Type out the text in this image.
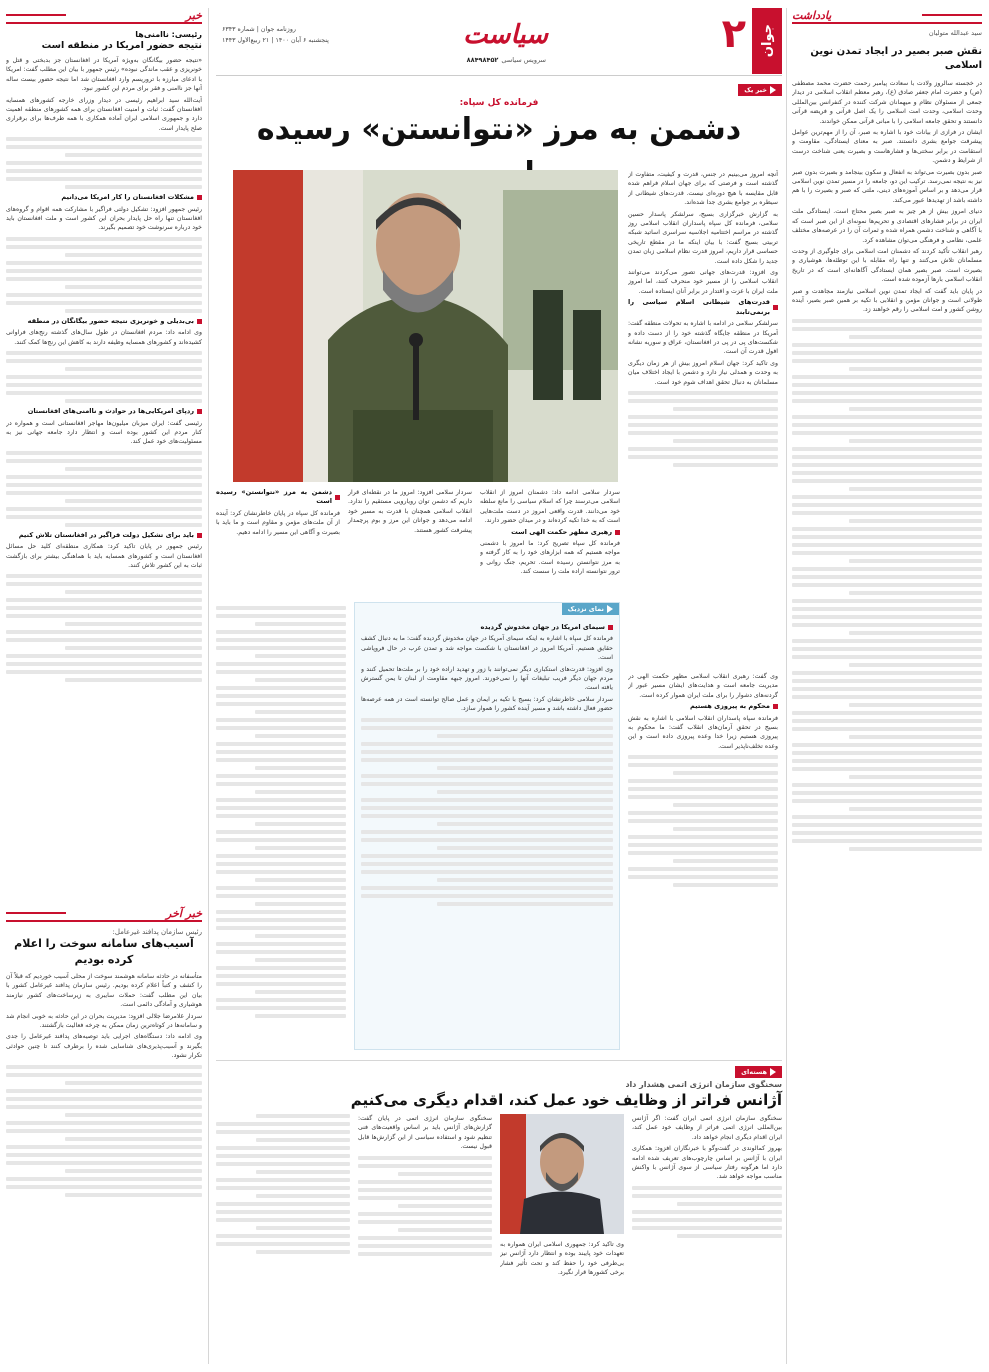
یادداشت
سید عبدالله متولیان
نقش صبر بصیر در ایجاد تمدن نوین اسلامی

در خجسته سالروز ولادت با سعادت پیامبر رحمت حضرت محمد مصطفی (ص) و حضرت امام جعفر صادق (ع)، رهبر معظم انقلاب اسلامی در دیدار جمعی از مسئولان نظام و میهمانان شرکت کننده در کنفرانس بین‌المللی وحدت اسلامی، وحدت امت اسلامی را یک اصل قرآنی و فریضه قرآنی دانستند و تحقق جامعه اسلامی را با مبانی قرآنی ممکن خواندند.

ایشان در فرازی از بیانات خود با اشاره به صبر، آن را از مهم‌ترین عوامل پیشرفت جوامع بشری دانستند. صبر به معنای ایستادگی، مقاومت و استقامت در برابر سختی‌ها و فشارهاست و بصیرت یعنی شناخت درست از شرایط و دشمن.

صبر بدون بصیرت می‌تواند به انفعال و سکون بینجامد و بصیرت بدون صبر نیز به نتیجه نمی‌رسد. ترکیب این دو، جامعه را در مسیر تمدن نوین اسلامی قرار می‌دهد و بر اساس آموزه‌های دینی، ملتی که صبر و بصیرت را با هم داشته باشد از تهدیدها عبور می‌کند.

دنیای امروز بیش از هر چیز به صبر بصیر محتاج است. ایستادگی ملت ایران در برابر فشارهای اقتصادی و تحریم‌ها نمونه‌ای از این صبر است که با آگاهی و شناخت دشمن همراه شده و ثمرات آن را در عرصه‌های مختلف علمی، نظامی و فرهنگی می‌توان مشاهده کرد.

رهبر انقلاب تأکید کردند که دشمنان امت اسلامی برای جلوگیری از وحدت مسلمانان تلاش می‌کنند و تنها راه مقابله با این توطئه‌ها، هوشیاری و بصیرت است. صبر بصیر همان ایستادگی آگاهانه‌ای است که در تاریخ انقلاب اسلامی بارها آزموده شده است.

در پایان باید گفت که ایجاد تمدن نوین اسلامی نیازمند مجاهدت و صبر طولانی است و جوانان مؤمن و انقلابی با تکیه بر همین صبر بصیر، آینده روشن کشور و امت اسلامی را رقم خواهند زد.

جوان
۲
سیاست
سرویس سیاسی
۸۸۴۹۸۴۵۲
روزنامه جوان | شماره ۶۳۴۳
پنجشنبه ۶ آبان ۱۴۰۰ | ۲۱ ربیع‌الاول ۱۴۴۳
خبر یک
فرمانده کل سپاه:
دشمن به مرز «نتوانستن» رسیده

آنچه امروز می‌بینیم در جنس، قدرت و کیفیت، متفاوت از گذشته است و فرصتی که برای جهان اسلام فراهم شده قابل مقایسه با هیچ دوره‌ای نیست. قدرت‌های شیطانی از سیطره بر جوامع بشری جدا شده‌اند.

به گزارش خبرگزاری بسیج، سرلشکر پاسدار حسین سلامی، فرمانده کل سپاه پاسداران انقلاب اسلامی روز گذشته در مراسم اختتامیه اجلاسیه سراسری اساتید شبکه تربیتی بسیج گفت: با بیان اینکه ما در مقطع تاریخی حساسی قرار داریم، امروز قدرت نظام اسلامی زبان تمدن جدید را شکل داده است.

وی افزود: قدرت‌های جهانی تصور می‌کردند می‌توانند انقلاب اسلامی را از مسیر خود منحرف کنند، اما امروز ملت ایران با عزت و اقتدار در برابر آنان ایستاده است.

قدرت‌های شیطانی اسلام سیاسی را برنمی‌تابند

سرلشکر سلامی در ادامه با اشاره به تحولات منطقه گفت: آمریکا در منطقه جایگاه گذشته خود را از دست داده و شکست‌های پی در پی در افغانستان، عراق و سوریه نشانه افول قدرت آن است.

وی تاکید کرد: جهان اسلام امروز بیش از هر زمان دیگری به وحدت و همدلی نیاز دارد و دشمن با ایجاد اختلاف میان مسلمانان به دنبال تحقق اهداف شوم خود است.

وی گفت: رهبری انقلاب اسلامی مظهر حکمت الهی در مدیریت جامعه است و هدایت‌های ایشان مسیر عبور از گردنه‌های دشوار را برای ملت ایران هموار کرده است.

محکوم به پیروزی هستیم

فرمانده سپاه پاسداران انقلاب اسلامی با اشاره به نقش بسیج در تحقق آرمان‌های انقلاب گفت: ما محکوم به پیروزی هستیم زیرا خدا وعده پیروزی داده است و این وعده تخلف‌ناپذیر است.

سردار سلامی ادامه داد: دشمنان امروز از انقلاب اسلامی می‌ترسند چرا که اسلام سیاسی را مانع سلطه خود می‌دانند. قدرت واقعی امروز در دست ملت‌هایی است که به خدا تکیه کرده‌اند و در میدان حضور دارند.

رهبری مظهر حکمت الهی است

فرمانده کل سپاه تصریح کرد: ما امروز با دشمنی مواجه هستیم که همه ابزارهای خود را به کار گرفته و به مرز نتوانستن رسیده است. تحریم، جنگ روانی و ترور نتوانسته اراده ملت را سست کند.

سردار سلامی افزود: امروز ما در نقطه‌ای قرار داریم که دشمن توان رویارویی مستقیم را ندارد. انقلاب اسلامی همچنان با قدرت به مسیر خود ادامه می‌دهد و جوانان این مرز و بوم پرچمدار پیشرفت کشور هستند.

دشمن به مرز «نتوانستن» رسیده است

فرمانده کل سپاه در پایان خاطرنشان کرد: آینده از آن ملت‌های مؤمن و مقاوم است و ما باید با بصیرت و آگاهی این مسیر را ادامه دهیم.

نمای نزدیک
سیمای امریکا در جهان مخدوش گردیده

فرمانده کل سپاه با اشاره به اینکه سیمای آمریکا در جهان مخدوش گردیده گفت: ما به دنبال کشف حقایق هستیم. آمریکا امروز در افغانستان با شکست مواجه شد و تمدن غرب در حال فروپاشی است.

وی افزود: قدرت‌های استکباری دیگر نمی‌توانند با زور و تهدید اراده خود را بر ملت‌ها تحمیل کنند و مردم جهان دیگر فریب تبلیغات آنها را نمی‌خورند. امروز جبهه مقاومت از لبنان تا یمن گسترش یافته است.

سردار سلامی خاطرنشان کرد: بسیج با تکیه بر ایمان و عمل صالح توانسته است در همه عرصه‌ها حضور فعال داشته باشد و مسیر آینده کشور را هموار سازد.

هسته‌ای
سخنگوی سازمان انرژی اتمی هشدار داد
آژانس فراتر از وظایف خود عمل کند، اقدام دیگری می‌کنیم

سخنگوی سازمان انرژی اتمی ایران گفت: اگر آژانس بین‌المللی انرژی اتمی فراتر از وظایف خود عمل کند، ایران اقدام دیگری انجام خواهد داد.

بهروز کمالوندی در گفت‌وگو با خبرنگاران افزود: همکاری ایران با آژانس بر اساس چارچوب‌های تعریف شده ادامه دارد اما هرگونه رفتار سیاسی از سوی آژانس با واکنش مناسب مواجه خواهد شد.

وی تاکید کرد: جمهوری اسلامی ایران همواره به تعهدات خود پایبند بوده و انتظار دارد آژانس نیز بی‌طرفی خود را حفظ کند و تحت تأثیر فشار برخی کشورها قرار نگیرد.

سخنگوی سازمان انرژی اتمی در پایان گفت: گزارش‌های آژانس باید بر اساس واقعیت‌های فنی تنظیم شود و استفاده سیاسی از این گزارش‌ها قابل قبول نیست.

خبر
رئیسی: ناامنی‌ها
نتیجه حضور امریکا در منطقه است

«نتیجه حضور بیگانگان به‌ویژه آمریکا در افغانستان جز بدبختی و قتل و خونریزی و عقب ماندگی نبوده» رئیس جمهور با بیان این مطلب گفت: امریکا با ادعای مبارزه با تروریسم وارد افغانستان شد اما نتیجه حضور بیست ساله آنها جز ناامنی و فقر برای مردم این کشور نبود.

آیت‌الله سید ابراهیم رئیسی در دیدار وزرای خارجه کشورهای همسایه افغانستان گفت: ثبات و امنیت افغانستان برای همه کشورهای منطقه اهمیت دارد و جمهوری اسلامی ایران آماده همکاری با همه طرف‌ها برای برقراری صلح پایدار است.

مشکلات افغانستان را کار امریکا می‌دانیم

رئیس جمهور افزود: تشکیل دولتی فراگیر با مشارکت همه اقوام و گروه‌های افغانستان تنها راه حل پایدار بحران این کشور است و ملت افغانستان باید خود درباره سرنوشت خود تصمیم بگیرند.

بی‌بدیلی و خونریزی نتیجه حضور بیگانگان در منطقه

وی ادامه داد: مردم افغانستان در طول سال‌های گذشته رنج‌های فراوانی کشیده‌اند و کشورهای همسایه وظیفه دارند به کاهش این رنج‌ها کمک کنند.

ردپای امریکایی‌ها در حوادث و ناامنی‌های افغانستان

رئیسی گفت: ایران میزبان میلیون‌ها مهاجر افغانستانی است و همواره در کنار مردم این کشور بوده است و انتظار دارد جامعه جهانی نیز به مسئولیت‌های خود عمل کند.

باید برای تشکیل دولت فراگیر در افغانستان تلاش کنیم

رئیس جمهور در پایان تاکید کرد: همکاری منطقه‌ای کلید حل مسائل افغانستان است و کشورهای همسایه باید با هماهنگی بیشتر برای بازگشت ثبات به این کشور تلاش کنند.

خبر آخر
رئیس سازمان پدافند غیرعامل:
آسیب‌های سامانه سوخت را اعلام کرده بودیم

متأسفانه در حادثه سامانه هوشمند سوخت از محلی آسیب خوردیم که قبلاً آن را کشف و کتباً اعلام کرده بودیم. رئیس سازمان پدافند غیرعامل کشور با بیان این مطلب گفت: حملات سایبری به زیرساخت‌های کشور نیازمند هوشیاری و آمادگی دائمی است.

سردار غلامرضا جلالی افزود: مدیریت بحران در این حادثه به خوبی انجام شد و سامانه‌ها در کوتاه‌ترین زمان ممکن به چرخه فعالیت بازگشتند.

وی ادامه داد: دستگاه‌های اجرایی باید توصیه‌های پدافند غیرعامل را جدی بگیرند و آسیب‌پذیری‌های شناسایی شده را برطرف کنند تا چنین حوادثی تکرار نشود.
